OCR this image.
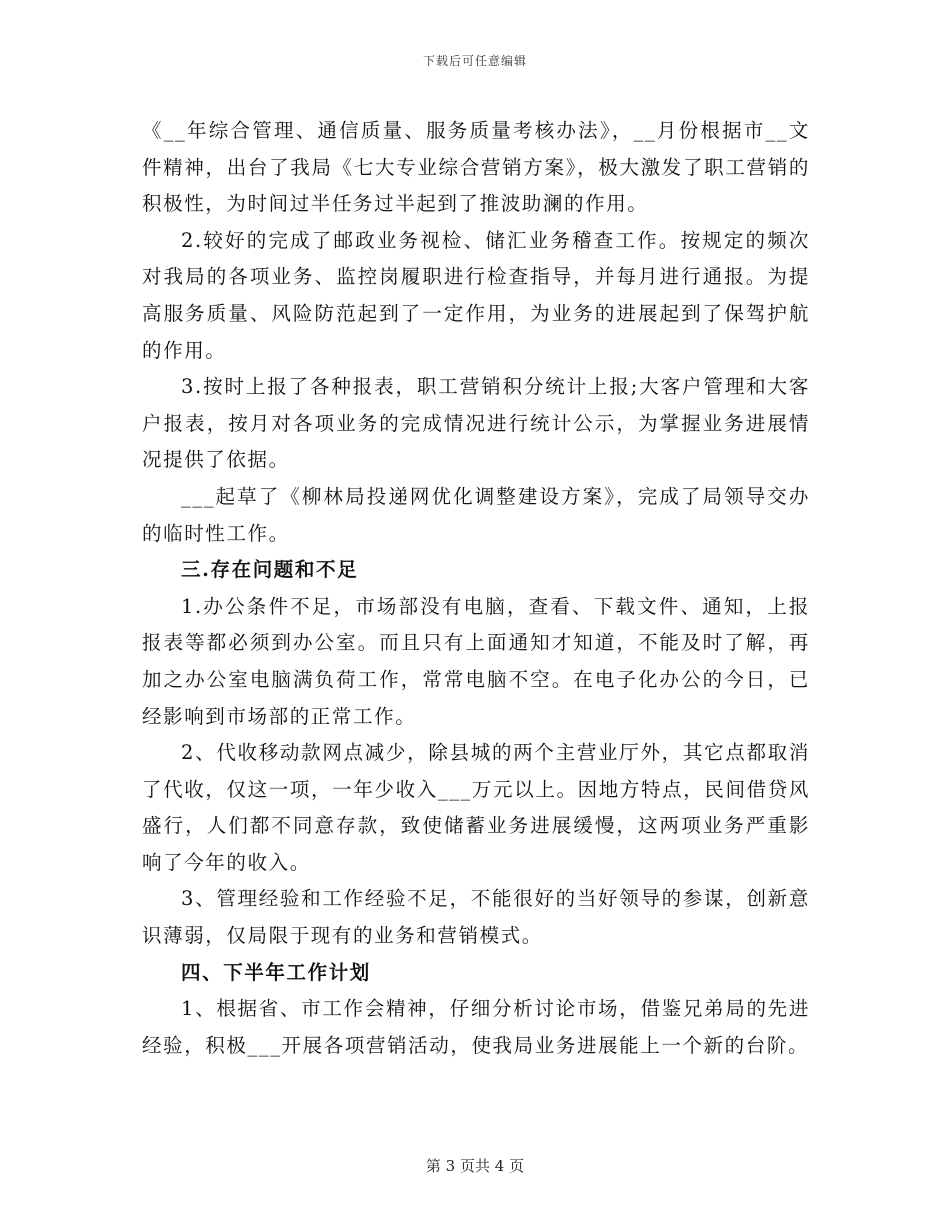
下载后可任意编辑

《__年综合管理、通信质量、服务质量考核办法》，__月份根据市__文件精神，出台了我局《七大专业综合营销方案》，极大激发了职工营销的积极性，为时间过半任务过半起到了推波助澜的作用。

2.较好的完成了邮政业务视检、储汇业务稽查工作。按规定的频次对我局的各项业务、监控岗履职进行检查指导，并每月进行通报。为提高服务质量、风险防范起到了一定作用，为业务的进展起到了保驾护航的作用。

3.按时上报了各种报表，职工营销积分统计上报;大客户管理和大客户报表，按月对各项业务的完成情况进行统计公示，为掌握业务进展情况提供了依据。

___起草了《柳林局投递网优化调整建设方案》，完成了局领导交办的临时性工作。

三.存在问题和不足

1.办公条件不足，市场部没有电脑，查看、下载文件、通知，上报报表等都必须到办公室。而且只有上面通知才知道，不能及时了解，再加之办公室电脑满负荷工作，常常电脑不空。在电子化办公的今日，已经影响到市场部的正常工作。

2、代收移动款网点减少，除县城的两个主营业厅外，其它点都取消了代收，仅这一项，一年少收入___万元以上。因地方特点，民间借贷风盛行，人们都不同意存款，致使储蓄业务进展缓慢，这两项业务严重影响了今年的收入。

3、管理经验和工作经验不足，不能很好的当好领导的参谋，创新意识薄弱，仅局限于现有的业务和营销模式。

四、下半年工作计划

1、根据省、市工作会精神，仔细分析讨论市场，借鉴兄弟局的先进经验，积极___开展各项营销活动，使我局业务进展能上一个新的台阶。

第 3 页共 4 页
